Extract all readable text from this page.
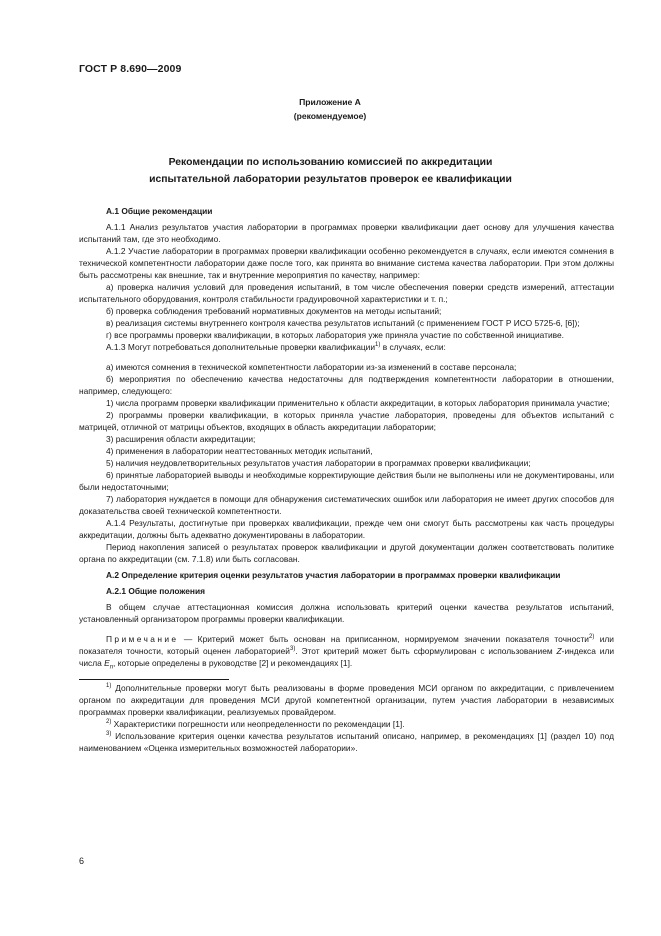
ГОСТ Р 8.690—2009
Приложение А
(рекомендуемое)
Рекомендации по использованию комиссией по аккредитации
испытательной лаборатории результатов проверок ее квалификации

А.1 Общие рекомендации

А.1.1 Анализ результатов участия лаборатории в программах проверки квалификации дает основу для улучшения качества испытаний там, где это необходимо.

А.1.2 Участие лаборатории в программах проверки квалификации особенно рекомендуется в случаях, если имеются сомнения в технической компетентности лаборатории даже после того, как принята во внимание система качества лаборатории. При этом должны быть рассмотрены как внешние, так и внутренние мероприятия по качеству, например:

а) проверка наличия условий для проведения испытаний, в том числе обеспечения поверки средств измерений, аттестации испытательного оборудования, контроля стабильности градуировочной характеристики и т. п.;

б) проверка соблюдения требований нормативных документов на методы испытаний;

в) реализация системы внутреннего контроля качества результатов испытаний (с применением ГОСТ Р ИСО 5725-6, [6]);

г) все программы проверки квалификации, в которых лаборатория уже приняла участие по собственной инициативе.

А.1.3 Могут потребоваться дополнительные проверки квалификации$^{1)}$ в случаях, если:

а) имеются сомнения в технической компетентности лаборатории из-за изменений в составе персонала;

б) мероприятия по обеспечению качества недостаточны для подтверждения компетентности лаборатории в отношении, например, следующего:

1) числа программ проверки квалификации применительно к области аккредитации, в которых лаборатория принимала участие;

2) программы проверки квалификации, в которых приняла участие лаборатория, проведены для объектов испытаний с матрицей, отличной от матрицы объектов, входящих в область аккредитации лаборатории;

3) расширения области аккредитации;

4) применения в лаборатории неаттестованных методик испытаний,

5) наличия неудовлетворительных результатов участия лаборатории в программах проверки квалификации;

6) принятые лабораторией выводы и необходимые корректирующие действия были не выполнены или не документированы, или были недостаточными;

7) лаборатория нуждается в помощи для обнаружения систематических ошибок или лаборатория не имеет других способов для доказательства своей технической компетентности.

А.1.4 Результаты, достигнутые при проверках квалификации, прежде чем они смогут быть рассмотрены как часть процедуры аккредитации, должны быть адекватно документированы в лаборатории.

Период накопления записей о результатах проверок квалификации и другой документации должен соответствовать политике органа по аккредитации (см. 7.1.8) или быть согласован.

А.2 Определение критерия оценки результатов участия лаборатории в программах проверки квалификации

А.2.1 Общие положения

В общем случае аттестационная комиссия должна использовать критерий оценки качества результатов испытаний, установленный организатором программы проверки квалификации.

Примечание — Критерий может быть основан на приписанном, нормируемом значении показателя точности$^{2)}$ или показателя точности, который оценен лабораторией$^{3)}$. Этот критерий может быть сформулирован с использованием Z-индекса или числа $E_n$, которые определены в руководстве [2] и рекомендациях [1].

$^{1)}$ Дополнительные проверки могут быть реализованы в форме проведения МСИ органом по аккредитации, с привлечением органом по аккредитации для проведения МСИ другой компетентной организации, путем участия лаборатории в независимых программах проверки квалификации, реализуемых провайдером.

$^{2)}$ Характеристики погрешности или неопределенности по рекомендации [1].

$^{3)}$ Использование критерия оценки качества результатов испытаний описано, например, в рекомендациях [1] (раздел 10) под наименованием «Оценка измерительных возможностей лаборатории».

6
